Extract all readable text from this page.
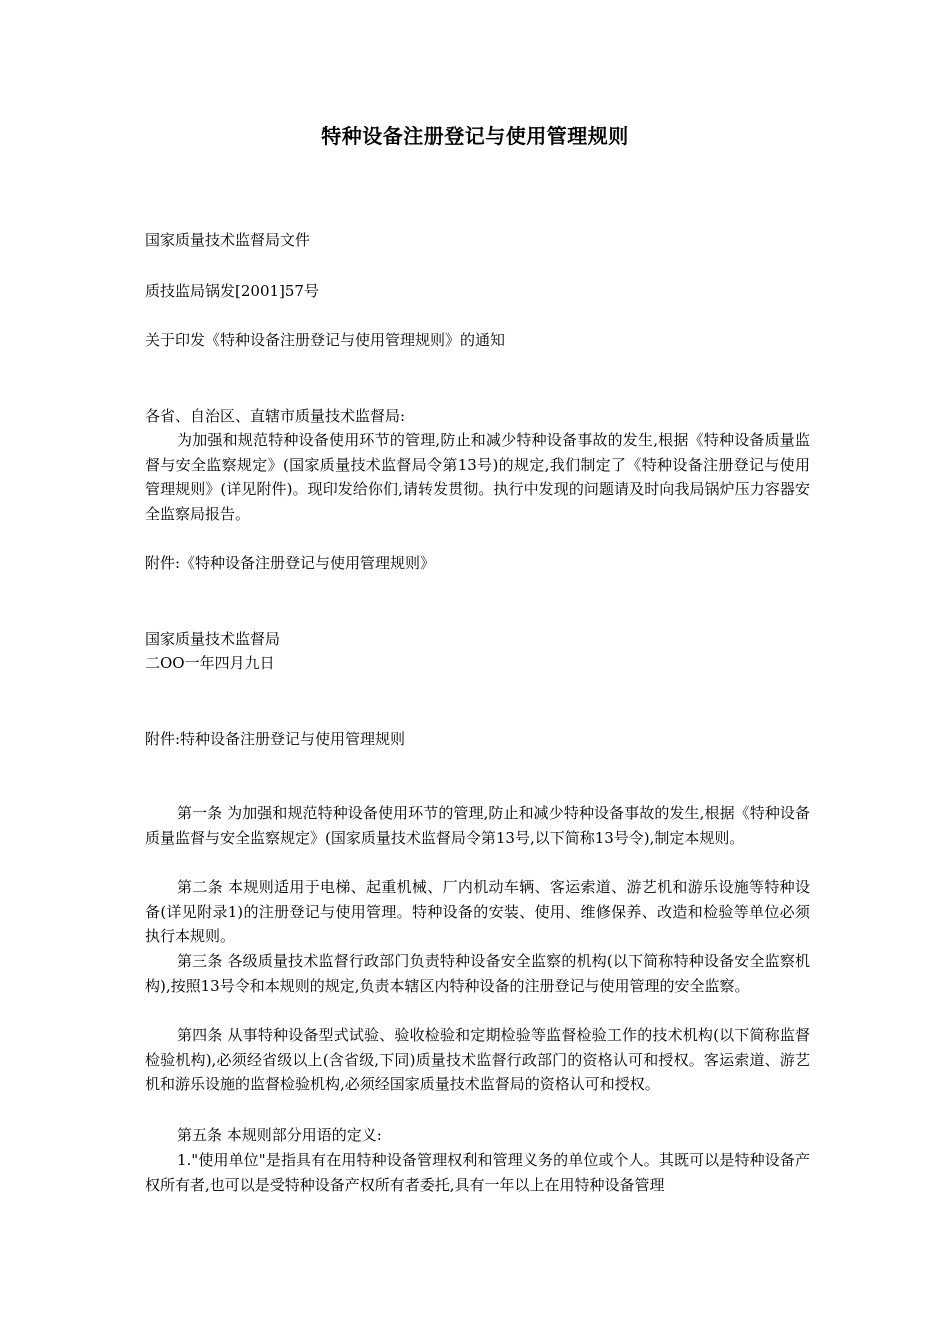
特种设备注册登记与使用管理规则
国家质量技术监督局文件
质技监局锅发[2001]57号
关于印发《特种设备注册登记与使用管理规则》的通知
各省、自治区、直辖市质量技术监督局:

为加强和规范特种设备使用环节的管理,防止和减少特种设备事故的发生,根据《特种设备质量监督与安全监察规定》(国家质量技术监督局令第13号)的规定,我们制定了《特种设备注册登记与使用管理规则》(详见附件)。现印发给你们,请转发贯彻。执行中发现的问题请及时向我局锅炉压力容器安全监察局报告。

附件:《特种设备注册登记与使用管理规则》
国家质量技术监督局
二OO一年四月九日
附件:特种设备注册登记与使用管理规则

第一条 为加强和规范特种设备使用环节的管理,防止和减少特种设备事故的发生,根据《特种设备质量监督与安全监察规定》(国家质量技术监督局令第13号,以下简称13号令),制定本规则。

第二条 本规则适用于电梯、起重机械、厂内机动车辆、客运索道、游艺机和游乐设施等特种设备(详见附录1)的注册登记与使用管理。特种设备的安装、使用、维修保养、改造和检验等单位必须执行本规则。

第三条 各级质量技术监督行政部门负责特种设备安全监察的机构(以下简称特种设备安全监察机构),按照13号令和本规则的规定,负责本辖区内特种设备的注册登记与使用管理的安全监察。

第四条 从事特种设备型式试验、验收检验和定期检验等监督检验工作的技术机构(以下简称监督检验机构),必须经省级以上(含省级,下同)质量技术监督行政部门的资格认可和授权。客运索道、游艺机和游乐设施的监督检验机构,必须经国家质量技术监督局的资格认可和授权。

第五条 本规则部分用语的定义:

1."使用单位"是指具有在用特种设备管理权利和管理义务的单位或个人。其既可以是特种设备产权所有者,也可以是受特种设备产权所有者委托,具有一年以上在用特种设备管理
